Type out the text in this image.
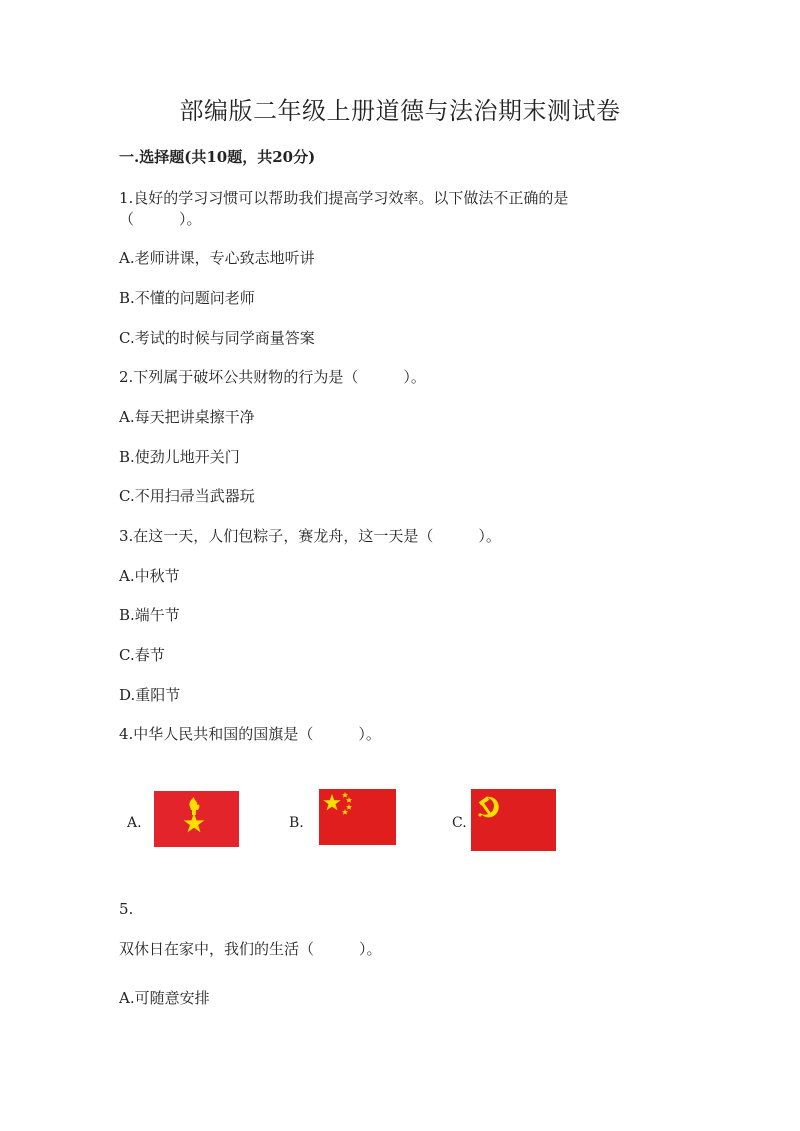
部编版二年级上册道德与法治期末测试卷
一.选择题(共10题，共20分)
1.良好的学习习惯可以帮助我们提高学习效率。以下做法不正确的是
（　　　）。
A.老师讲课，专心致志地听讲
B.不懂的问题问老师
C.考试的时候与同学商量答案
2.下列属于破坏公共财物的行为是（　　　）。
A.每天把讲桌擦干净
B.使劲儿地开关门
C.不用扫帚当武器玩
3.在这一天，人们包粽子，赛龙舟，这一天是（　　　）。
A.中秋节
B.端午节
C.春节
D.重阳节
4.中华人民共和国的国旗是（　　　）。
A.	B.	C.
5.
双休日在家中，我们的生活（　　　）。
A.可随意安排
